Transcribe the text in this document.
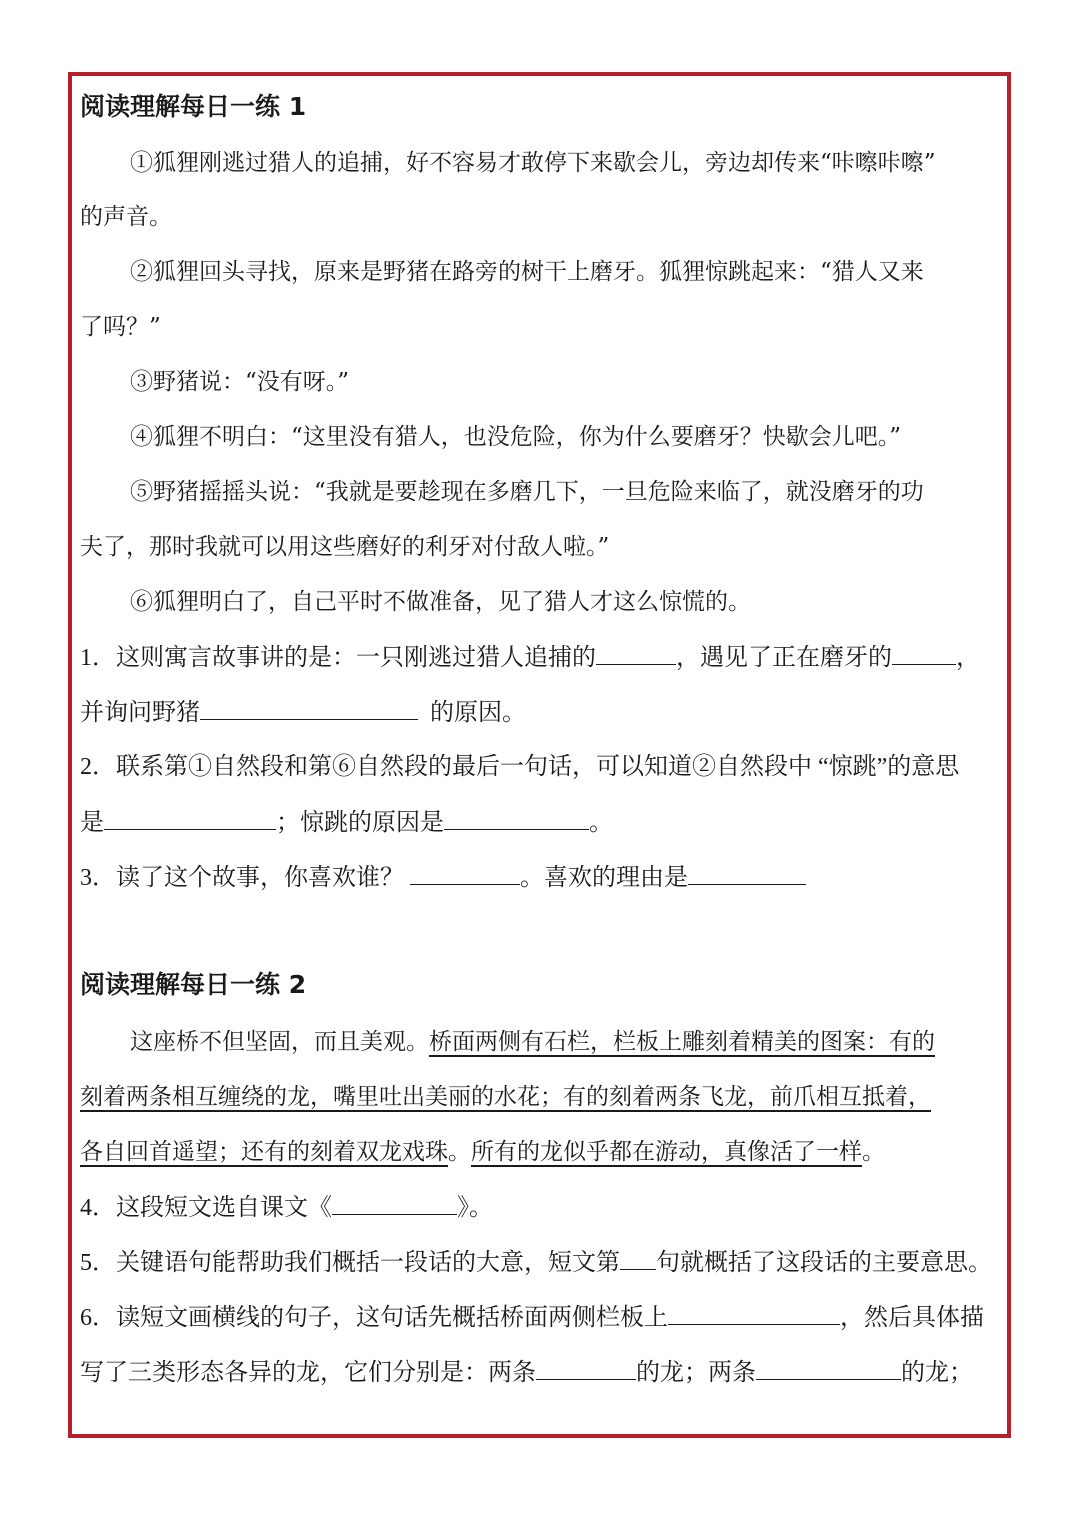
阅读理解每日一练 1
①狐狸刚逃过猎人的追捕，好不容易才敢停下来歇会儿，旁边却传来“咔嚓咔嚓”
的声音。
②狐狸回头寻找，原来是野猪在路旁的树干上磨牙。狐狸惊跳起来：“猎人又来
了吗？”
③野猪说：“没有呀。”
④狐狸不明白：“这里没有猎人，也没危险，你为什么要磨牙？快歇会儿吧。”
⑤野猪摇摇头说：“我就是要趁现在多磨几下，一旦危险来临了，就没磨牙的功
夫了，那时我就可以用这些磨好的利牙对付敌人啦。”
⑥狐狸明白了，自己平时不做准备，见了猎人才这么惊慌的。
1．这则寓言故事讲的是：一只刚逃过猎人追捕的	，遇见了正在磨牙的	，
并询问野猪	的原因。
2．联系第①自然段和第⑥自然段的最后一句话，可以知道②自然段中 “惊跳”的意思
是	；惊跳的原因是	。
3．读了这个故事，你喜欢谁？	。喜欢的理由是
阅读理解每日一练 2
这座桥不但坚固，而且美观。桥面两侧有石栏，栏板上雕刻着精美的图案：有的
刻着两条相互缠绕的龙，嘴里吐出美丽的水花；有的刻着两条飞龙，前爪相互抵着，
各自回首遥望；还有的刻着双龙戏珠。所有的龙似乎都在游动，真像活了一样。
4．这段短文选自课文《	》。
5．关键语句能帮助我们概括一段话的大意，短文第 句就概括了这段话的主要意思。
6．读短文画横线的句子，这句话先概括桥面两侧栏板上	，然后具体描
写了三类形态各异的龙，它们分别是：两条	的龙；两条	的龙；
